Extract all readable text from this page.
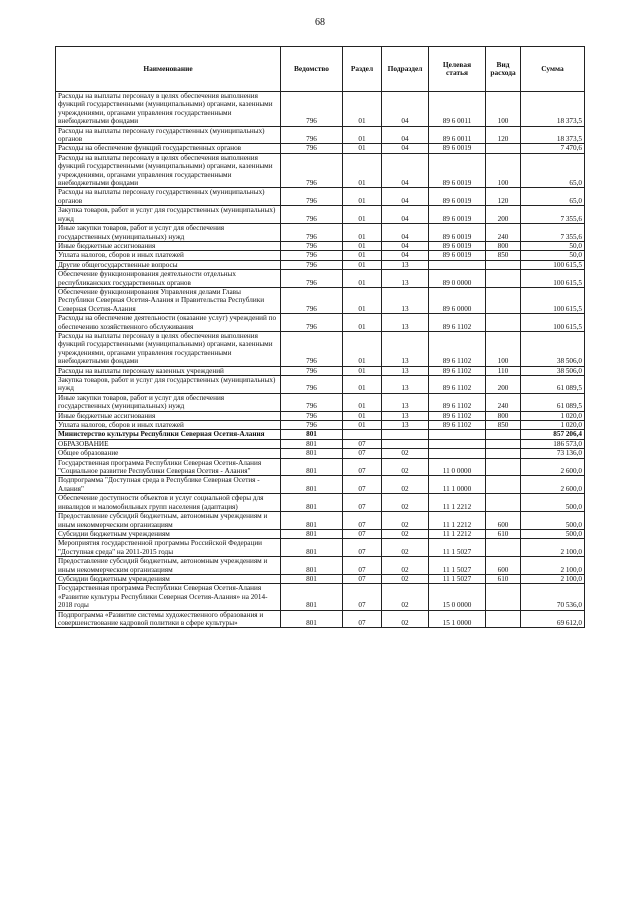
68
Наименование	Ведомство	Раздел	Подраздел	Целевая статья	Вид расхода	Сумма
Расходы на выплаты персоналу в целях обеспечения выполнения функций государственными (муниципальными) органами, казенными учреждениями, органами управления государственными внебюджетными фондами	796	01	04	89 6 0011	100	18 373,5
Расходы на выплаты персоналу государственных (муниципальных) органов	796	01	04	89 6 0011	120	18 373,5
Расходы на обеспечение функций государственных органов	796	01	04	89 6 0019		7 470,6
Расходы на выплаты персоналу в целях обеспечения выполнения функций государственными (муниципальными) органами, казенными учреждениями, органами управления государственными внебюджетными фондами	796	01	04	89 6 0019	100	65,0
Расходы на выплаты персоналу государственных (муниципальных) органов	796	01	04	89 6 0019	120	65,0
Закупка товаров, работ и услуг для государственных (муниципальных) нужд	796	01	04	89 6 0019	200	7 355,6
Иные закупки товаров, работ и услуг для обеспечения государственных (муниципальных) нужд	796	01	04	89 6 0019	240	7 355,6
Иные бюджетные ассигнования	796	01	04	89 6 0019	800	50,0
Уплата налогов, сборов и иных платежей	796	01	04	89 6 0019	850	50,0
Другие общегосударственные вопросы	796	01	13			100 615,5
Обеспечение функционирования деятельности отдельных республиканских государственных органов	796	01	13	89 0 0000		100 615,5
Обеспечение функционирования Управления делами Главы Республики Северная Осетия-Алания и Правительства Республики Северная Осетия-Алания	796	01	13	89 6 0000		100 615,5
Расходы на обеспечение деятельности (оказание услуг) учреждений по обеспечению хозяйственного обслуживания	796	01	13	89 6 1102		100 615,5
Расходы на выплаты персоналу в целях обеспечения выполнения функций государственными (муниципальными) органами, казенными учреждениями, органами управления государственными внебюджетными фондами	796	01	13	89 6 1102	100	38 506,0
Расходы на выплаты персоналу казенных учреждений	796	01	13	89 6 1102	110	38 506,0
Закупка товаров, работ и услуг для государственных (муниципальных) нужд	796	01	13	89 6 1102	200	61 089,5
Иные закупки товаров, работ и услуг для обеспечения государственных (муниципальных) нужд	796	01	13	89 6 1102	240	61 089,5
Иные бюджетные ассигнования	796	01	13	89 6 1102	800	1 020,0
Уплата налогов, сборов и иных платежей	796	01	13	89 6 1102	850	1 020,0
Министерство культуры Республики Северная Осетия-Алания	801					857 206,4
ОБРАЗОВАНИЕ	801	07				186 573,0
Общее образование	801	07	02			73 136,0
Государственная программа Республики Северная Осетия-Алания "Социальное развитие Республики Северная Осетия - Алания"	801	07	02	11 0 0000		2 600,0
Подпрограмма "Доступная среда в Республике Северная Осетия - Алания"	801	07	02	11 1 0000		2 600,0
Обеспечение доступности объектов и услуг социальной сферы для инвалидов и маломобильных групп населения (адаптация)	801	07	02	11 1 2212		500,0
Предоставление субсидий бюджетным, автономным учреждениям и иным некоммерческим организациям	801	07	02	11 1 2212	600	500,0
Субсидии бюджетным учреждениям	801	07	02	11 1 2212	610	500,0
Мероприятия государственной программы Российской Федерации "Доступная среда" на 2011-2015 годы	801	07	02	11 1 5027		2 100,0
Предоставление субсидий бюджетным, автономным учреждениям и иным некоммерческим организациям	801	07	02	11 1 5027	600	2 100,0
Субсидии бюджетным учреждениям	801	07	02	11 1 5027	610	2 100,0
Государственная программа Республики Северная Осетия-Алания «Развитие культуры Республики Северная Осетия-Алания» на 2014-2018 годы	801	07	02	15 0 0000		70 536,0
Подпрограмма «Развитие системы художественного образования и совершенствование кадровой политики в сфере культуры»	801	07	02	15 1 0000		69 612,0
